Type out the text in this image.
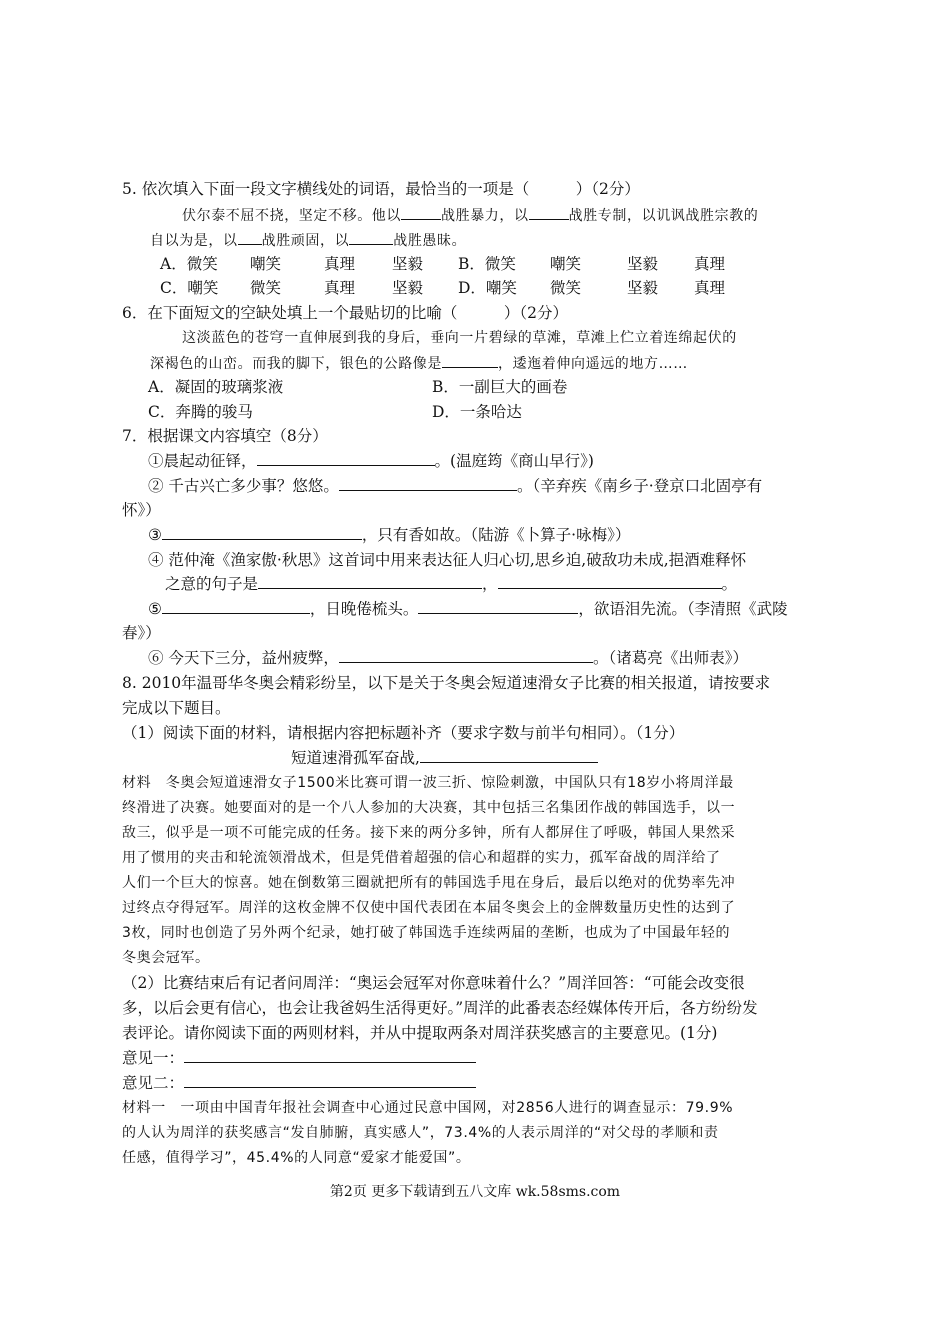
5. 依次填入下面一段文字横线处的词语，最恰当的一项是（　　　）（2分）
伏尔泰不屈不挠，坚定不移。他以	战胜暴力，以	战胜专制，以讥讽战胜宗教的
自以为是，以 战胜顽固，以	战胜愚昧。
A．微笑 嘲笑	真理 坚毅 B．微笑 嘲笑	坚毅 真理
C．嘲笑 微笑	真理 坚毅 D．嘲笑 微笑	坚毅 真理
6．在下面短文的空缺处填上一个最贴切的比喻（　　　）（2分）
这淡蓝色的苍穹一直伸展到我的身后，垂向一片碧绿的草滩，草滩上伫立着连绵起伏的
深褐色的山峦。而我的脚下，银色的公路像是	，逶迤着伸向遥远的地方……
A．凝固的玻璃浆液	B．一副巨大的画卷
C．奔腾的骏马	D．一条哈达
7．根据课文内容填空（8分）
①晨起动征铎，	。(温庭筠《商山早行》)
② 千古兴亡多少事？悠悠。	。（辛弃疾《南乡子·登京口北固亭有
怀》）
③	，只有香如故。（陆游《卜算子·咏梅》）
④ 范仲淹《渔家傲·秋思》这首词中用来表达征人归心切,思乡迫,破敌功未成,挹酒难释怀
之意的句子是	，	。
⑤	，日晚倦梳头。	，欲语泪先流。（李清照《武陵
春》）
⑥ 今天下三分，益州疲弊，	。（诸葛亮《出师表》）
8. 2010年温哥华冬奥会精彩纷呈，以下是关于冬奥会短道速滑女子比赛的相关报道，请按要求
完成以下题目。
（1）阅读下面的材料，请根据内容把标题补齐（要求字数与前半句相同）。（1分）
短道速滑孤军奋战,
材料　冬奥会短道速滑女子1500米比赛可谓一波三折、惊险刺激，中国队只有18岁小将周洋最
终滑进了决赛。她要面对的是一个八人参加的大决赛，其中包括三名集团作战的韩国选手，以一
敌三，似乎是一项不可能完成的任务。接下来的两分多钟，所有人都屏住了呼吸，韩国人果然采
用了惯用的夹击和轮流领滑战术，但是凭借着超强的信心和超群的实力，孤军奋战的周洋给了
人们一个巨大的惊喜。她在倒数第三圈就把所有的韩国选手甩在身后，最后以绝对的优势率先冲
过终点夺得冠军。周洋的这枚金牌不仅使中国代表团在本届冬奥会上的金牌数量历史性的达到了
3枚，同时也创造了另外两个纪录，她打破了韩国选手连续两届的垄断，也成为了中国最年轻的
冬奥会冠军。
（2）比赛结束后有记者问周洋：“奥运会冠军对你意味着什么？”周洋回答：“可能会改变很
多，以后会更有信心，也会让我爸妈生活得更好。”周洋的此番表态经媒体传开后，各方纷纷发
表评论。请你阅读下面的两则材料，并从中提取两条对周洋获奖感言的主要意见。(1分)
意见一：
意见二：
材料一　一项由中国青年报社会调查中心通过民意中国网，对2856人进行的调查显示：79.9%
的人认为周洋的获奖感言“发自肺腑，真实感人”，73.4%的人表示周洋的“对父母的孝顺和责
任感，值得学习”，45.4%的人同意“爱家才能爱国”。
第2页 更多下载请到五八文库 wk.58sms.com
